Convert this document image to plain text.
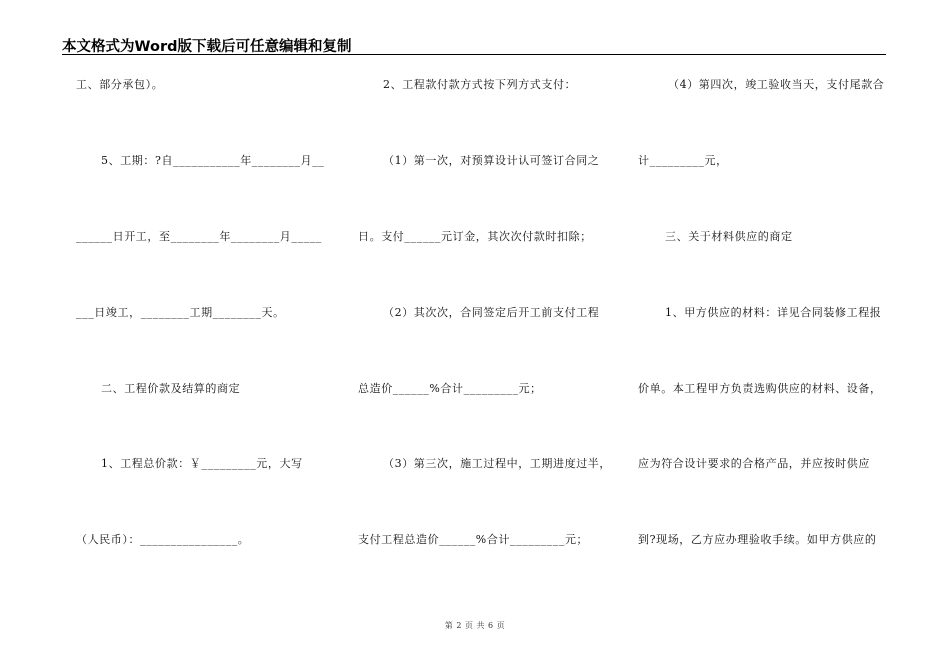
本文格式为Word版下载后可任意编辑和复制
工、部分承包）。
5、工期：?自___________年________月__
______日开工，至________年________月_____
___日竣工，________工期________天。
二、工程价款及结算的商定
1、工程总价款：￥_________元，大写
（人民币）：________________。
2、工程款付款方式按下列方式支付：
（1）第一次，对预算设计认可签订合同之
日。支付______元订金，其次次付款时扣除；
（2）其次次，合同签定后开工前支付工程
总造价______%合计_________元；
（3）第三次，施工过程中，工期进度过半，
支付工程总造价______%合计_________元；
（4）第四次，竣工验收当天，支付尾款合
计_________元，
三、关于材料供应的商定
1、甲方供应的材料：详见合同装修工程报
价单。本工程甲方负责选购供应的材料、设备，
应为符合设计要求的合格产品，并应按时供应
到?现场，乙方应办理验收手续。如甲方供应的
第 2 页 共 6 页
